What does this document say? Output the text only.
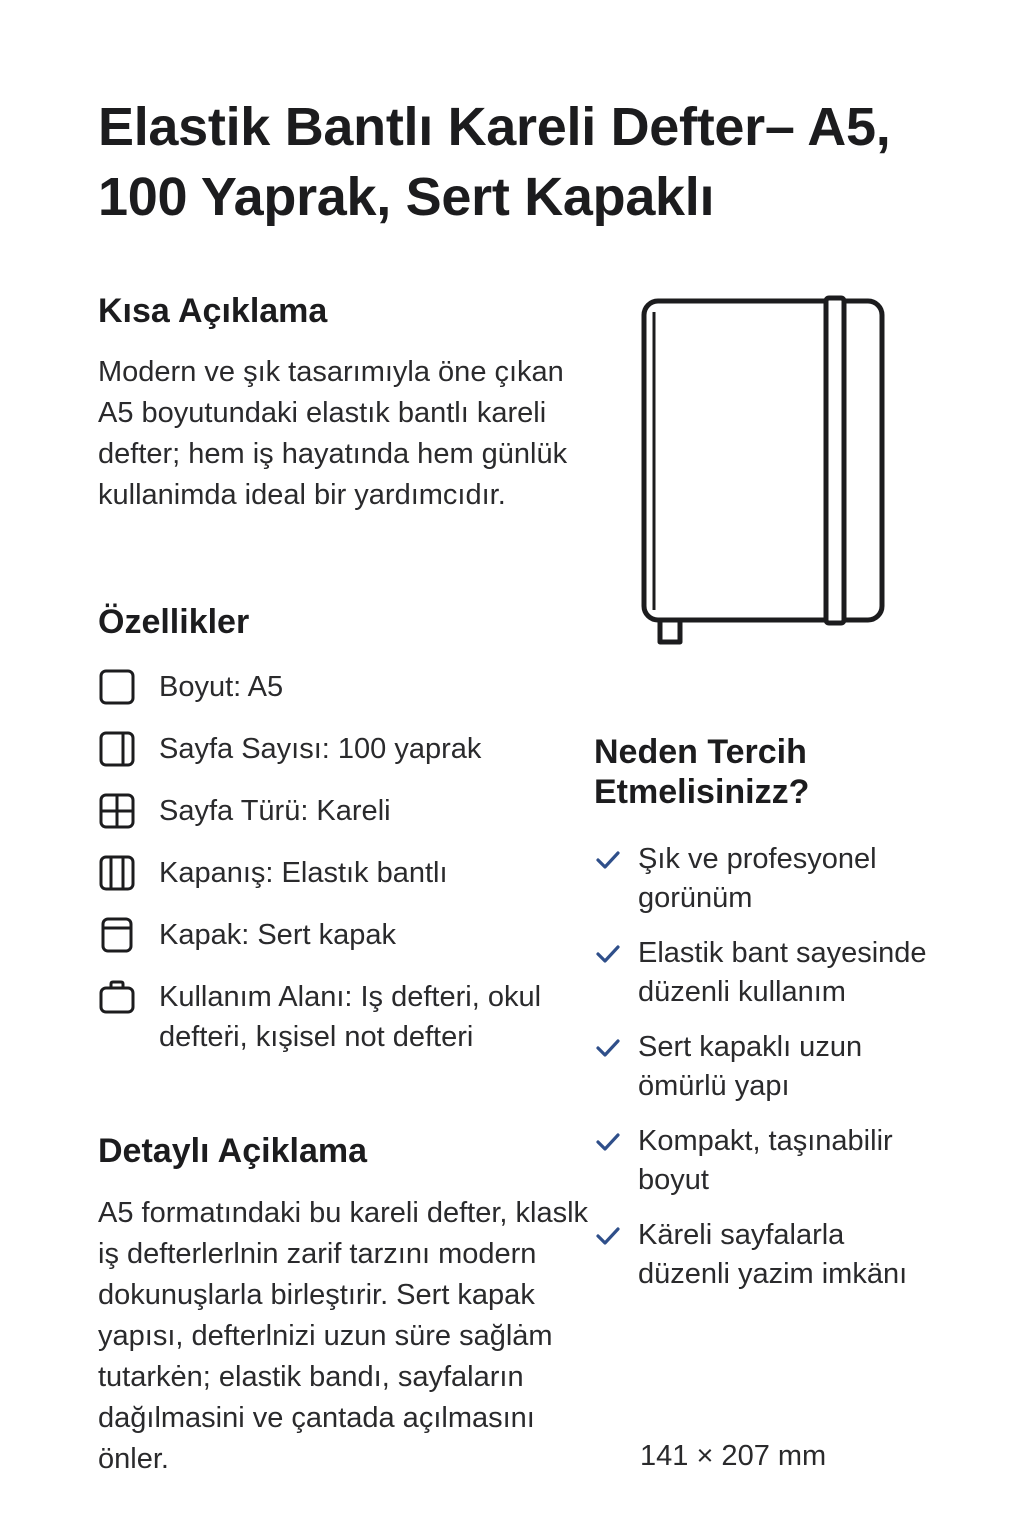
Elastik Bantlı Kareli Defter– A5, 100 Yaprak, Sert Kapaklı
Kısa Açıklama

Modern ve şık tasarımıyla öne çıkan A5 boyutundaki elastık bantlı kareli defter; hem iş hayatında hem günlük kullanimda ideal bir yardımcıdır.

Özellikler
Boyut: A5
Sayfa Sayısı: 100 yaprak
Sayfa Türü: Kareli
Kapanış: Elastık bantlı
Kapak: Sert kapak
Kullanım Alanı: Iş defteri, okul defteṙi, kışisel not defteri
Neden Tercih Etmelisinizz?
Şık ve profesyonel gorünüm
Elastik bant sayesinde düzenli kullanım
Sert kapaklı uzun ömürlü yapı
Kompakt, taşınabilir boyut
Käreli sayfalarla düzenli yazim imkänı
Detaylı Açiklama

A5 formatındaki bu kareli defter, klaslk iş defterlerlnin zarif tarzını modern dokunuşlarla birleştırir. Sert kapak yapısı, defterlnizi uzun süre sağlȧm tutarkėn; elastik bandı, sayfaların dağılmasini ve çantada açılmasını önler.	141 × 207 mm
